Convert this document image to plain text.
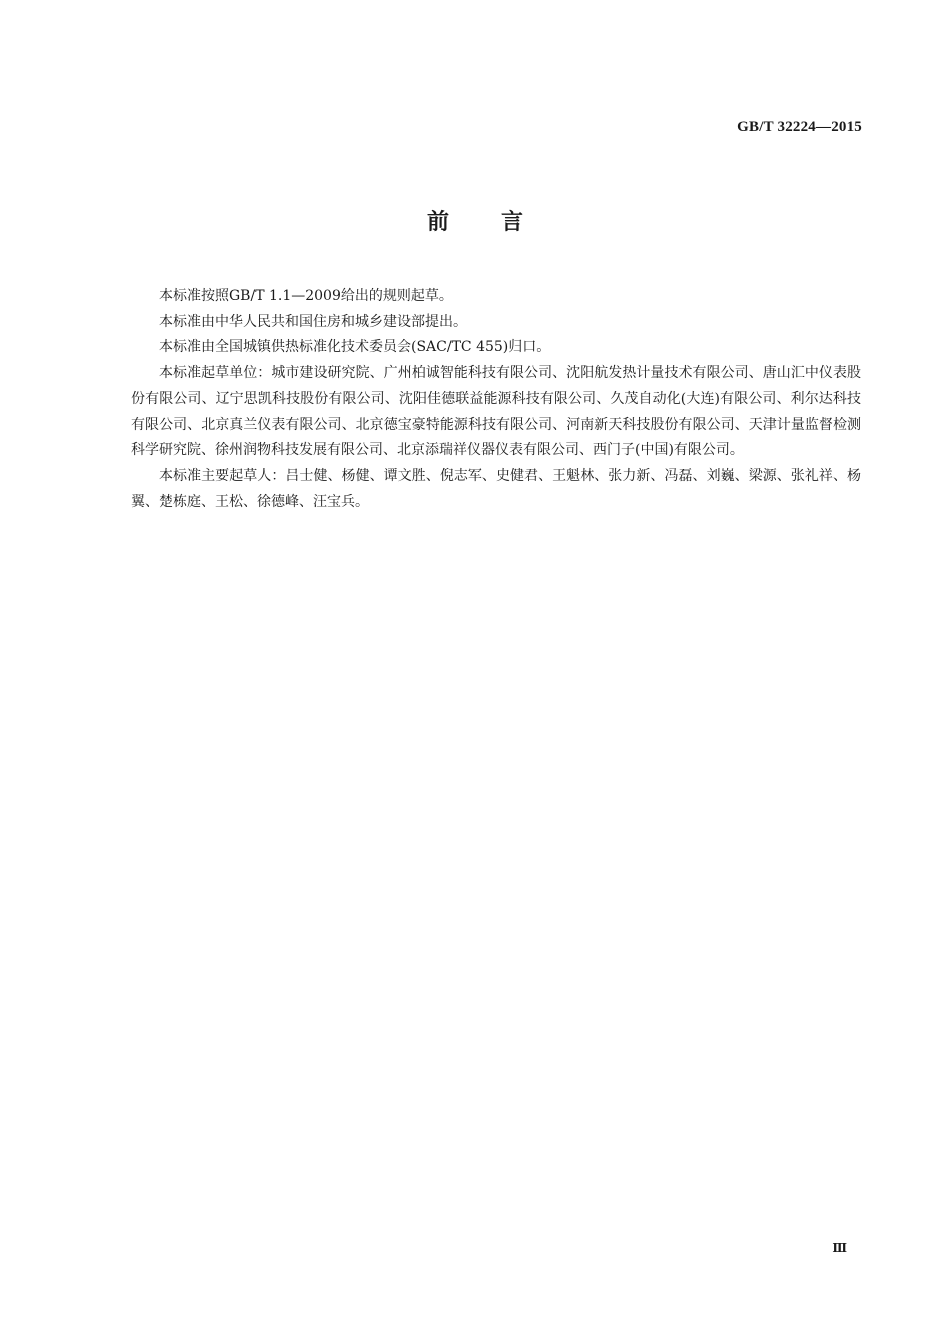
GB/T 32224—2015
前言

本标准按照GB/T 1.1—2009给出的规则起草。

本标准由中华人民共和国住房和城乡建设部提出。

本标准由全国城镇供热标准化技术委员会(SAC/TC 455)归口。

本标准起草单位：城市建设研究院、广州柏诚智能科技有限公司、沈阳航发热计量技术有限公司、唐山汇中仪表股份有限公司、辽宁思凯科技股份有限公司、沈阳佳德联益能源科技有限公司、久茂自动化(大连)有限公司、利尔达科技有限公司、北京真兰仪表有限公司、北京德宝豪特能源科技有限公司、河南新天科技股份有限公司、天津计量监督检测科学研究院、徐州润物科技发展有限公司、北京添瑞祥仪器仪表有限公司、西门子(中国)有限公司。

本标准主要起草人：吕士健、杨健、谭文胜、倪志军、史健君、王魁林、张力新、冯磊、刘巍、梁源、张礼祥、杨翼、楚栋庭、王松、徐德峰、汪宝兵。

Ⅲ
